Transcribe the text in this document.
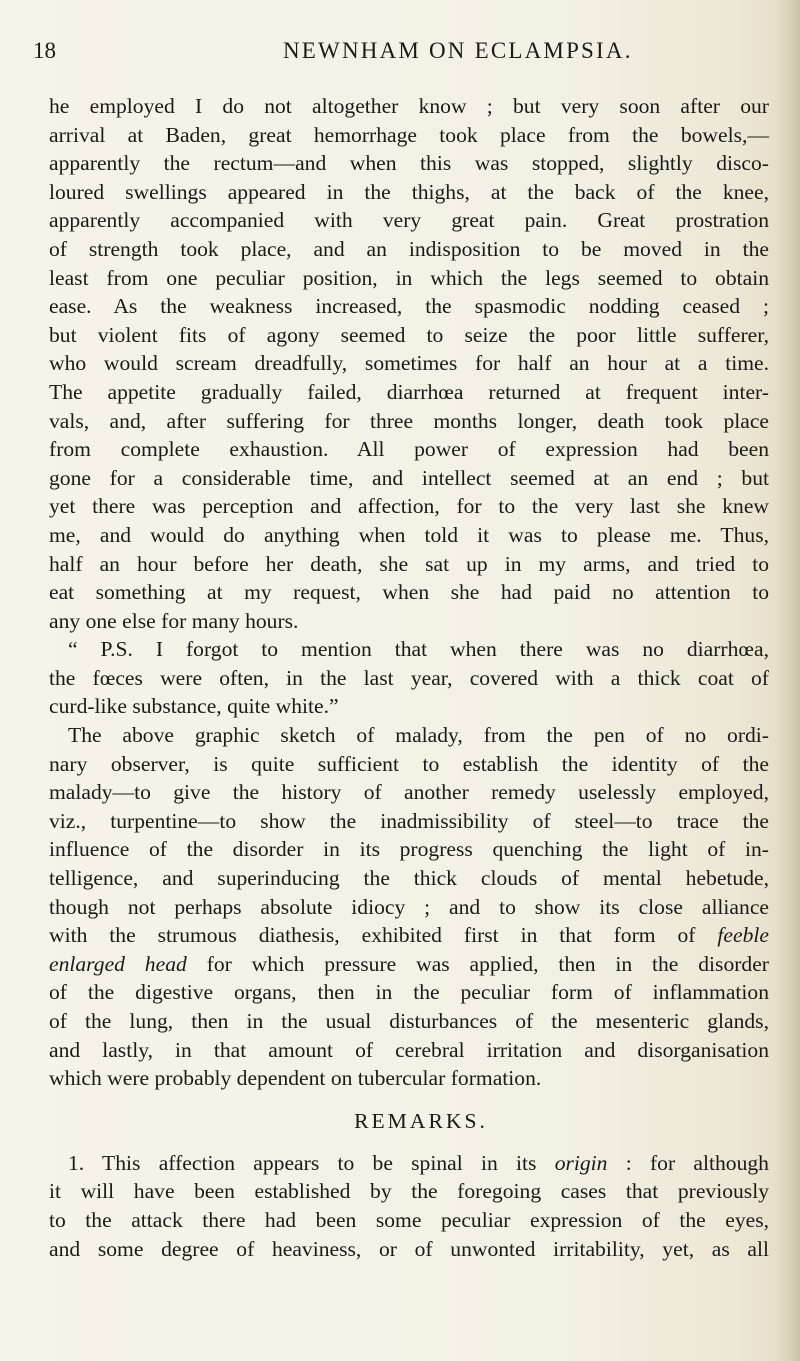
18	NEWNHAM ON ECLAMPSIA.
he employed I do not altogether know ; but very soon after our
arrival at Baden, great hemorrhage took place from the bowels,—
apparently the rectum—and when this was stopped, slightly disco-
loured swellings appeared in the thighs, at the back of the knee,
apparently accompanied with very great pain. Great prostration
of strength took place, and an indisposition to be moved in the
least from one peculiar position, in which the legs seemed to obtain
ease. As the weakness increased, the spasmodic nodding ceased ;
but violent fits of agony seemed to seize the poor little sufferer,
who would scream dreadfully, sometimes for half an hour at a time.
The appetite gradually failed, diarrhœa returned at frequent inter-
vals, and, after suffering for three months longer, death took place
from complete exhaustion. All power of expression had been
gone for a considerable time, and intellect seemed at an end ; but
yet there was perception and affection, for to the very last she knew
me, and would do anything when told it was to please me. Thus,
half an hour before her death, she sat up in my arms, and tried to
eat something at my request, when she had paid no attention to
any one else for many hours.
“ P.S. I forgot to mention that when there was no diarrhœa,
the fœces were often, in the last year, covered with a thick coat of
curd-like substance, quite white.”
The above graphic sketch of malady, from the pen of no ordi-
nary observer, is quite sufficient to establish the identity of the
malady—to give the history of another remedy uselessly employed,
viz., turpentine—to show the inadmissibility of steel—to trace the
influence of the disorder in its progress quenching the light of in-
telligence, and superinducing the thick clouds of mental hebetude,
though not perhaps absolute idiocy ; and to show its close alliance
with the strumous diathesis, exhibited first in that form of feeble
enlarged head for which pressure was applied, then in the disorder
of the digestive organs, then in the peculiar form of inflammation
of the lung, then in the usual disturbances of the mesenteric glands,
and lastly, in that amount of cerebral irritation and disorganisation
which were probably dependent on tubercular formation.
REMARKS.
1. This affection appears to be spinal in its origin : for although
it will have been established by the foregoing cases that previously
to the attack there had been some peculiar expression of the eyes,
and some degree of heaviness, or of unwonted irritability, yet, as all
